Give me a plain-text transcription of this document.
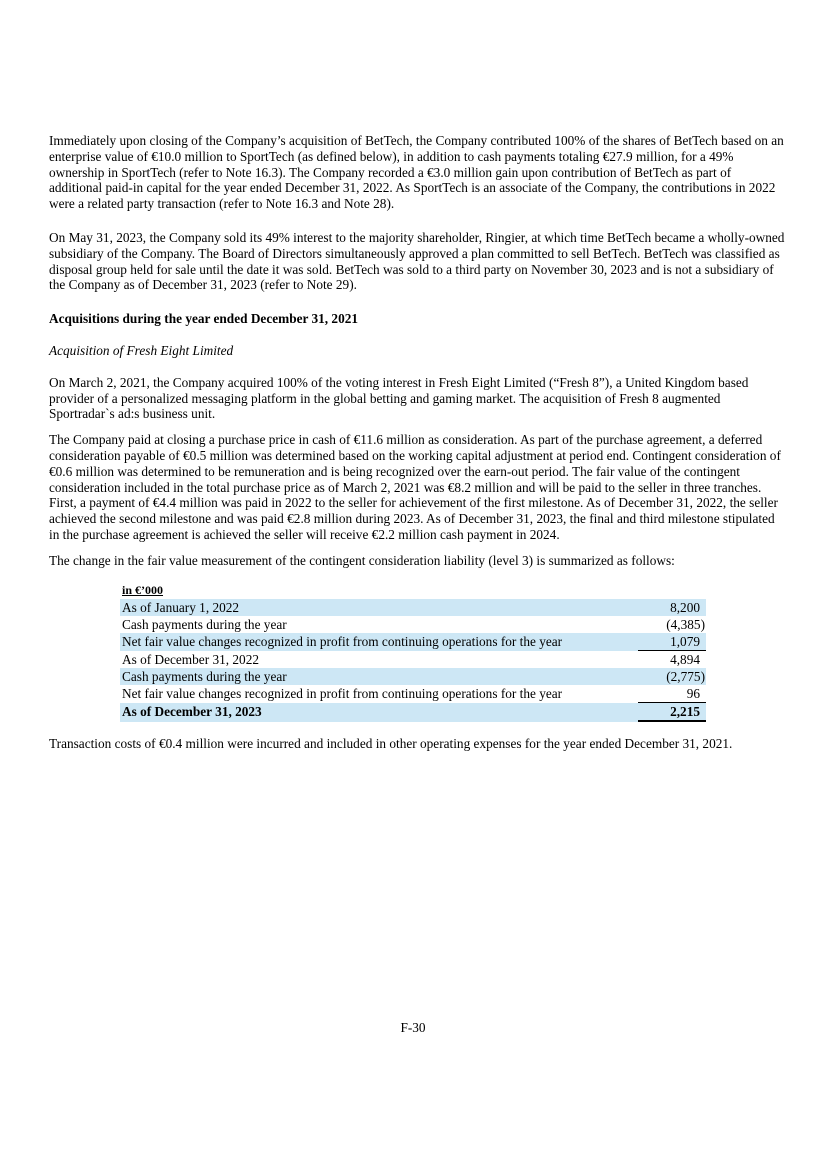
Immediately upon closing of the Company’s acquisition of BetTech, the Company contributed 100% of the shares of BetTech based on an enterprise value of €10.0 million to SportTech (as defined below), in addition to cash payments totaling €27.9 million, for a 49% ownership in SportTech (refer to Note 16.3). The Company recorded a €3.0 million gain upon contribution of BetTech as part of additional paid-in capital for the year ended December 31, 2022. As SportTech is an associate of the Company, the contributions in 2022 were a related party transaction (refer to Note 16.3 and Note 28).

On May 31, 2023, the Company sold its 49% interest to the majority shareholder, Ringier, at which time BetTech became a wholly-owned subsidiary of the Company. The Board of Directors simultaneously approved a plan committed to sell BetTech. BetTech was classified as disposal group held for sale until the date it was sold. BetTech was sold to a third party on November 30, 2023 and is not a subsidiary of the Company as of December 31, 2023 (refer to Note 29).

Acquisitions during the year ended December 31, 2021

Acquisition of Fresh Eight Limited

On March 2, 2021, the Company acquired 100% of the voting interest in Fresh Eight Limited (“Fresh 8”), a United Kingdom based provider of a personalized messaging platform in the global betting and gaming market. The acquisition of Fresh 8 augmented Sportradar`s ad:s business unit.

The Company paid at closing a purchase price in cash of €11.6 million as consideration. As part of the purchase agreement, a deferred consideration payable of €0.5 million was determined based on the working capital adjustment at period end. Contingent consideration of €0.6 million was determined to be remuneration and is being recognized over the earn-out period. The fair value of the contingent consideration included in the total purchase price as of March 2, 2021 was €8.2 million and will be paid to the seller in three tranches. First, a payment of €4.4 million was paid in 2022 to the seller for achievement of the first milestone. As of December 31, 2022, the seller achieved the second milestone and was paid €2.8 million during 2023. As of December 31, 2023, the final and third milestone stipulated in the purchase agreement is achieved the seller will receive €2.2 million cash payment in 2024.

The change in the fair value measurement of the contingent consideration liability (level 3) is summarized as follows:

in €’000
As of January 1, 2022	8,200
Cash payments during the year	(4,385)
Net fair value changes recognized in profit from continuing operations for the year	1,079
As of December 31, 2022	4,894
Cash payments during the year	(2,775)
Net fair value changes recognized in profit from continuing operations for the year	96
As of December 31, 2023	2,215

Transaction costs of €0.4 million were incurred and included in other operating expenses for the year ended December 31, 2021.

F-30
